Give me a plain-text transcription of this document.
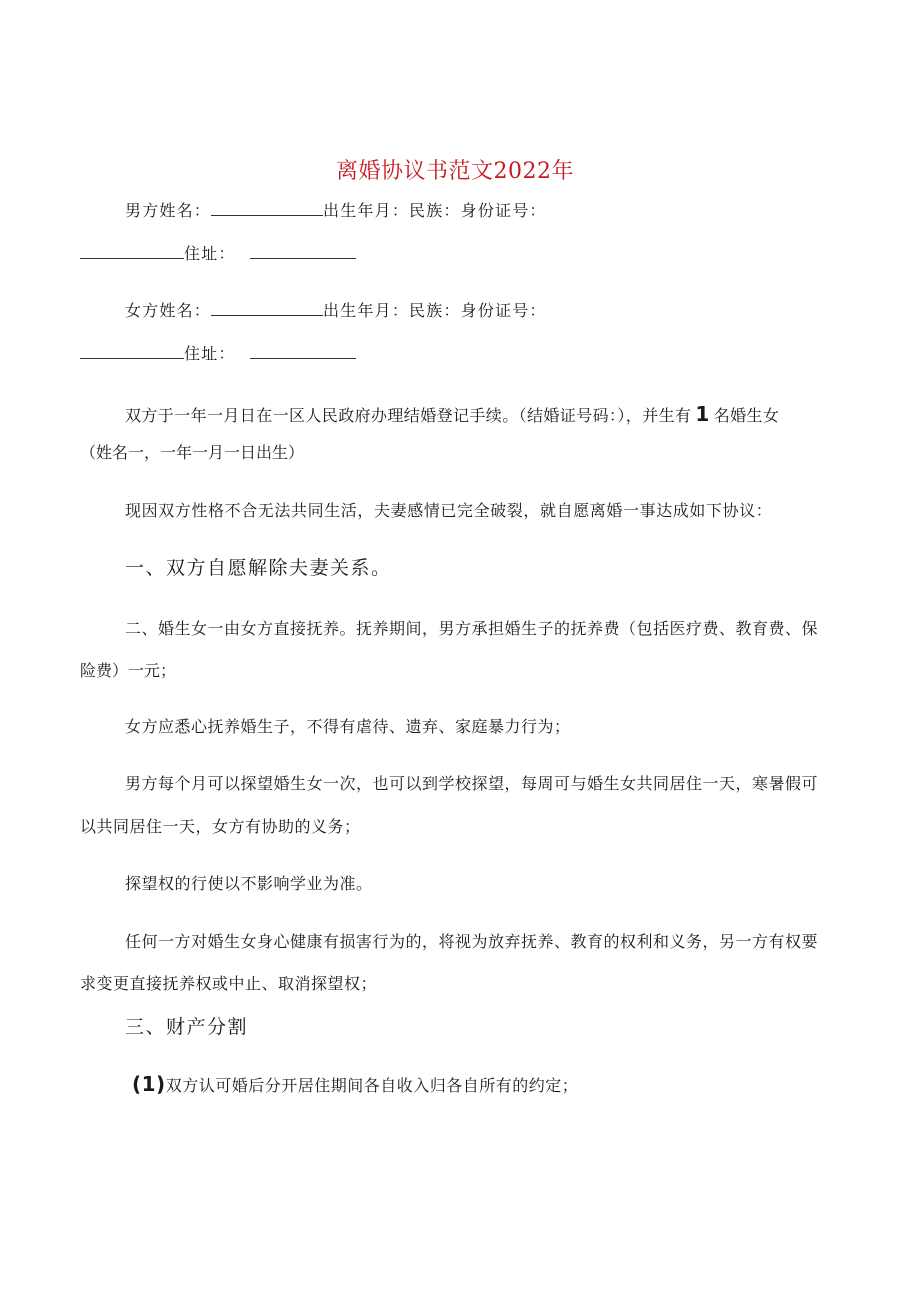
离婚协议书范文2022年
男方姓名：	出生年月：民族：身份证号：
住址：
女方姓名：	出生年月：民族：身份证号：
住址：
双方于一年一月日在一区人民政府办理结婚登记手续。（结婚证号码：），并生有 1 名婚生女
（姓名一，一年一月一日出生）
现因双方性格不合无法共同生活，夫妻感情已完全破裂，就自愿离婚一事达成如下协议：
一、双方自愿解除夫妻关系。
二、婚生女一由女方直接抚养。抚养期间，男方承担婚生子的抚养费（包括医疗费、教育费、保
险费）一元；
女方应悉心抚养婚生子，不得有虐待、遗弃、家庭暴力行为；
男方每个月可以探望婚生女一次，也可以到学校探望，每周可与婚生女共同居住一天，寒暑假可
以共同居住一天，女方有协助的义务；
探望权的行使以不影响学业为准。
任何一方对婚生女身心健康有损害行为的，将视为放弃抚养、教育的权利和义务，另一方有权要
求变更直接抚养权或中止、取消探望权；
三、财产分割
(1)双方认可婚后分开居住期间各自收入归各自所有的约定；
